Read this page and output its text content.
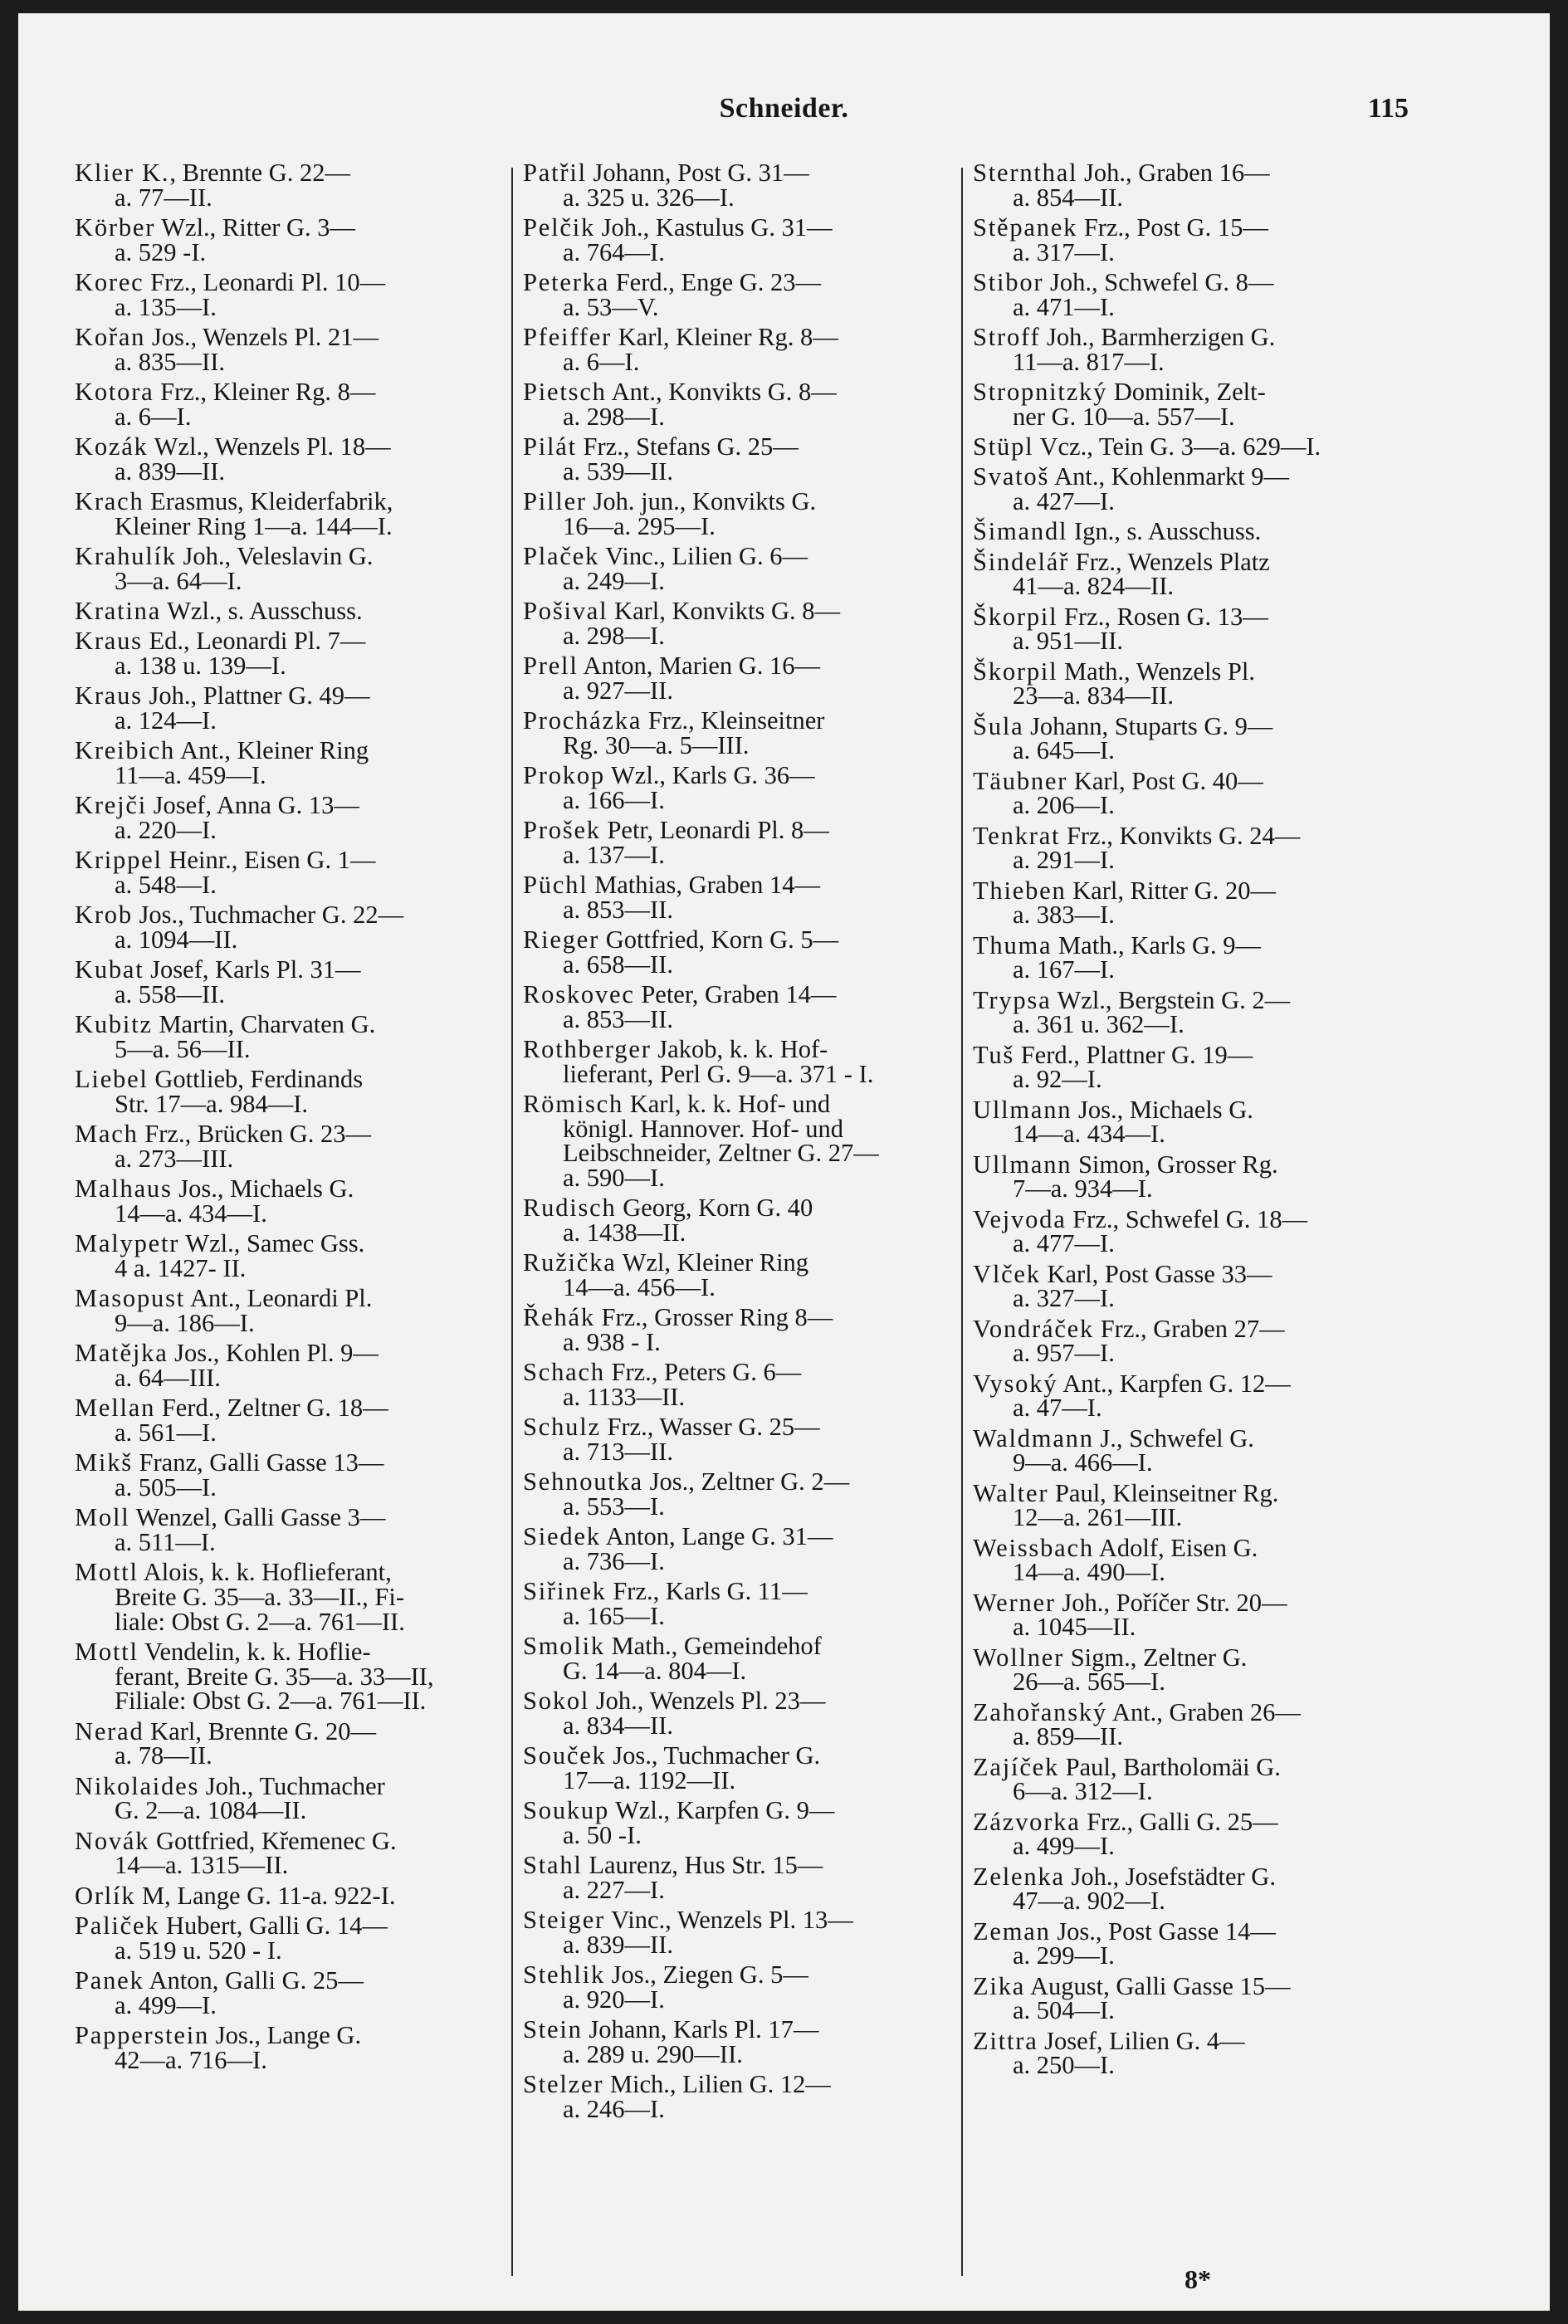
Schneider.	115
Klier K., Brennte G. 22—
a. 77—II.
Körber Wzl., Ritter G. 3—
a. 529 -I.
Korec Frz., Leonardi Pl. 10—
a. 135—I.
Kořan Jos., Wenzels Pl. 21—
a. 835—II.
Kotora Frz., Kleiner Rg. 8—
a. 6—I.
Kozák Wzl., Wenzels Pl. 18—
a. 839—II.
Krach Erasmus, Kleiderfabrik,
Kleiner Ring 1—a. 144—I.
Krahulík Joh., Veleslavin G.
3—a. 64—I.
Kratina Wzl., s. Ausschuss.
Kraus Ed., Leonardi Pl. 7—
a. 138 u. 139—I.
Kraus Joh., Plattner G. 49—
a. 124—I.
Kreibich Ant., Kleiner Ring
11—a. 459—I.
Krejči Josef, Anna G. 13—
a. 220—I.
Krippel Heinr., Eisen G. 1—
a. 548—I.
Krob Jos., Tuchmacher G. 22—
a. 1094—II.
Kubat Josef, Karls Pl. 31—
a. 558—II.
Kubitz Martin, Charvaten G.
5—a. 56—II.
Liebel Gottlieb, Ferdinands
Str. 17—a. 984—I.
Mach Frz., Brücken G. 23—
a. 273—III.
Malhaus Jos., Michaels G.
14—a. 434—I.
Malypetr Wzl., Samec Gss.
4 a. 1427- II.
Masopust Ant., Leonardi Pl.
9—a. 186—I.
Matějka Jos., Kohlen Pl. 9—
a. 64—III.
Mellan Ferd., Zeltner G. 18—
a. 561—I.
Mikš Franz, Galli Gasse 13—
a. 505—I.
Moll Wenzel, Galli Gasse 3—
a. 511—I.
Mottl Alois, k. k. Hoflieferant,
Breite G. 35—a. 33—II., Fi-
liale: Obst G. 2—a. 761—II.
Mottl Vendelin, k. k. Hoflie-
ferant, Breite G. 35—a. 33—II,
Filiale: Obst G. 2—a. 761—II.
Nerad Karl, Brennte G. 20—
a. 78—II.
Nikolaides Joh., Tuchmacher
G. 2—a. 1084—II.
Novák Gottfried, Křemenec G.
14—a. 1315—II.
Orlík M, Lange G. 11-a. 922-I.
Paliček Hubert, Galli G. 14—
a. 519 u. 520 - I.
Panek Anton, Galli G. 25—
a. 499—I.
Papperstein Jos., Lange G.
42—a. 716—I.
Patřil Johann, Post G. 31—
a. 325 u. 326—I.
Pelčik Joh., Kastulus G. 31—
a. 764—I.
Peterka Ferd., Enge G. 23—
a. 53—V.
Pfeiffer Karl, Kleiner Rg. 8—
a. 6—I.
Pietsch Ant., Konvikts G. 8—
a. 298—I.
Pilát Frz., Stefans G. 25—
a. 539—II.
Piller Joh. jun., Konvikts G.
16—a. 295—I.
Plaček Vinc., Lilien G. 6—
a. 249—I.
Pošival Karl, Konvikts G. 8—
a. 298—I.
Prell Anton, Marien G. 16—
a. 927—II.
Procházka Frz., Kleinseitner
Rg. 30—a. 5—III.
Prokop Wzl., Karls G. 36—
a. 166—I.
Prošek Petr, Leonardi Pl. 8—
a. 137—I.
Püchl Mathias, Graben 14—
a. 853—II.
Rieger Gottfried, Korn G. 5—
a. 658—II.
Roskovec Peter, Graben 14—
a. 853—II.
Rothberger Jakob, k. k. Hof-
lieferant, Perl G. 9—a. 371 - I.
Römisch Karl, k. k. Hof- und
königl. Hannover. Hof- und
Leibschneider, Zeltner G. 27—
a. 590—I.
Rudisch Georg, Korn G. 40
a. 1438—II.
Ružička Wzl, Kleiner Ring
14—a. 456—I.
Řehák Frz., Grosser Ring 8—
a. 938 - I.
Schach Frz., Peters G. 6—
a. 1133—II.
Schulz Frz., Wasser G. 25—
a. 713—II.
Sehnoutka Jos., Zeltner G. 2—
a. 553—I.
Siedek Anton, Lange G. 31—
a. 736—I.
Siřinek Frz., Karls G. 11—
a. 165—I.
Smolik Math., Gemeindehof
G. 14—a. 804—I.
Sokol Joh., Wenzels Pl. 23—
a. 834—II.
Souček Jos., Tuchmacher G.
17—a. 1192—II.
Soukup Wzl., Karpfen G. 9—
a. 50 -I.
Stahl Laurenz, Hus Str. 15—
a. 227—I.
Steiger Vinc., Wenzels Pl. 13—
a. 839—II.
Stehlik Jos., Ziegen G. 5—
a. 920—I.
Stein Johann, Karls Pl. 17—
a. 289 u. 290—II.
Stelzer Mich., Lilien G. 12—
a. 246—I.
Sternthal Joh., Graben 16—
a. 854—II.
Stěpanek Frz., Post G. 15—
a. 317—I.
Stibor Joh., Schwefel G. 8—
a. 471—I.
Stroff Joh., Barmherzigen G.
11—a. 817—I.
Stropnitzký Dominik, Zelt-
ner G. 10—a. 557—I.
Stüpl Vcz., Tein G. 3—a. 629—I.
Svatoš Ant., Kohlenmarkt 9—
a. 427—I.
Šimandl Ign., s. Ausschuss.
Šindelář Frz., Wenzels Platz
41—a. 824—II.
Škorpil Frz., Rosen G. 13—
a. 951—II.
Škorpil Math., Wenzels Pl.
23—a. 834—II.
Šula Johann, Stuparts G. 9—
a. 645—I.
Täubner Karl, Post G. 40—
a. 206—I.
Tenkrat Frz., Konvikts G. 24—
a. 291—I.
Thieben Karl, Ritter G. 20—
a. 383—I.
Thuma Math., Karls G. 9—
a. 167—I.
Trypsa Wzl., Bergstein G. 2—
a. 361 u. 362—I.
Tuš Ferd., Plattner G. 19—
a. 92—I.
Ullmann Jos., Michaels G.
14—a. 434—I.
Ullmann Simon, Grosser Rg.
7—a. 934—I.
Vejvoda Frz., Schwefel G. 18—
a. 477—I.
Vlček Karl, Post Gasse 33—
a. 327—I.
Vondráček Frz., Graben 27—
a. 957—I.
Vysoký Ant., Karpfen G. 12—
a. 47—I.
Waldmann J., Schwefel G.
9—a. 466—I.
Walter Paul, Kleinseitner Rg.
12—a. 261—III.
Weissbach Adolf, Eisen G.
14—a. 490—I.
Werner Joh., Poříčer Str. 20—
a. 1045—II.
Wollner Sigm., Zeltner G.
26—a. 565—I.
Zahořanský Ant., Graben 26—
a. 859—II.
Zajíček Paul, Bartholomäi G.
6—a. 312—I.
Zázvorka Frz., Galli G. 25—
a. 499—I.
Zelenka Joh., Josefstädter G.
47—a. 902—I.
Zeman Jos., Post Gasse 14—
a. 299—I.
Zika August, Galli Gasse 15—
a. 504—I.
Zittra Josef, Lilien G. 4—
a. 250—I.
8*
